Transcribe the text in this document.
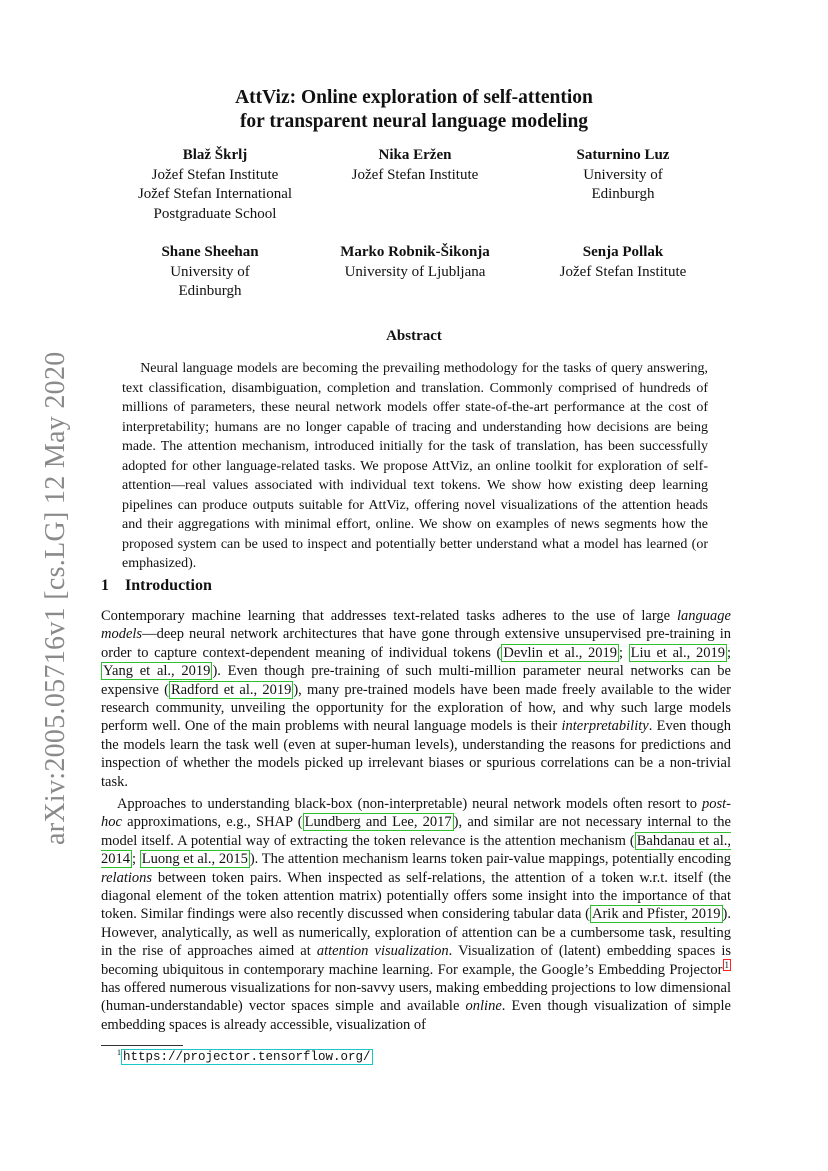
arXiv:2005.05716v1 [cs.LG] 12 May 2020
AttViz: Online exploration of self-attention
for transparent neural language modeling
Blaž Škrlj
Jožef Stefan Institute
Jožef Stefan International
Postgraduate School
Nika Eržen
Jožef Stefan Institute
Saturnino Luz
University of
Edinburgh
Shane Sheehan
University of
Edinburgh
Marko Robnik-Šikonja
University of Ljubljana
Senja Pollak
Jožef Stefan Institute
Abstract

Neural language models are becoming the prevailing methodology for the tasks of query answering, text classification, disambiguation, completion and translation. Commonly comprised of hundreds of millions of parameters, these neural network models offer state-of-the-art performance at the cost of interpretability; humans are no longer capable of tracing and understanding how decisions are being made. The attention mechanism, introduced initially for the task of translation, has been successfully adopted for other language-related tasks. We propose AttViz, an online toolkit for exploration of self-attention—real values associated with individual text tokens. We show how existing deep learning pipelines can produce outputs suitable for AttViz, offering novel visualizations of the attention heads and their aggregations with minimal effort, online. We show on examples of news segments how the proposed system can be used to inspect and potentially better understand what a model has learned (or emphasized).

1 Introduction

Contemporary machine learning that addresses text-related tasks adheres to the use of large language models—deep neural network architectures that have gone through extensive unsupervised pre-training in order to capture context-dependent meaning of individual tokens ( Devlin et al., 2019 ; Liu et al., 2019 ; Yang et al., 2019 ). Even though pre-training of such multi-million parameter neural networks can be expensive ( Radford et al., 2019 ), many pre-trained models have been made freely available to the wider research community, unveiling the opportunity for the exploration of how, and why such large models perform well. One of the main problems with neural language models is their interpretability. Even though the models learn the task well (even at super-human levels), understanding the reasons for predictions and inspection of whether the models picked up irrelevant biases or spurious correlations can be a non-trivial task.

Approaches to understanding black-box (non-interpretable) neural network models often resort to post-hoc approximations, e.g., SHAP ( Lundberg and Lee, 2017 ), and similar are not necessary internal to the model itself. A potential way of extracting the token relevance is the attention mechanism ( Bahdanau et al., 2014 ; Luong et al., 2015 ). The attention mechanism learns token pair-value mappings, potentially encoding relations between token pairs. When inspected as self-relations, the attention of a token w.r.t. itself (the diagonal element of the token attention matrix) potentially offers some insight into the importance of that token. Similar findings were also recently discussed when considering tabular data ( Arik and Pfister, 2019 ). However, analytically, as well as numerically, exploration of attention can be a cumbersome task, resulting in the rise of approaches aimed at attention visualization. Visualization of (latent) embedding spaces is becoming ubiquitous in contemporary machine learning. For example, the Google’s Embedding Projector $^1$ has offered numerous visualizations for non-savvy users, making embedding projections to low dimensional (human-understandable) vector spaces simple and available online. Even though visualization of simple embedding spaces is already accessible, visualization of

$^1$ https://projector.tensorflow.org/
